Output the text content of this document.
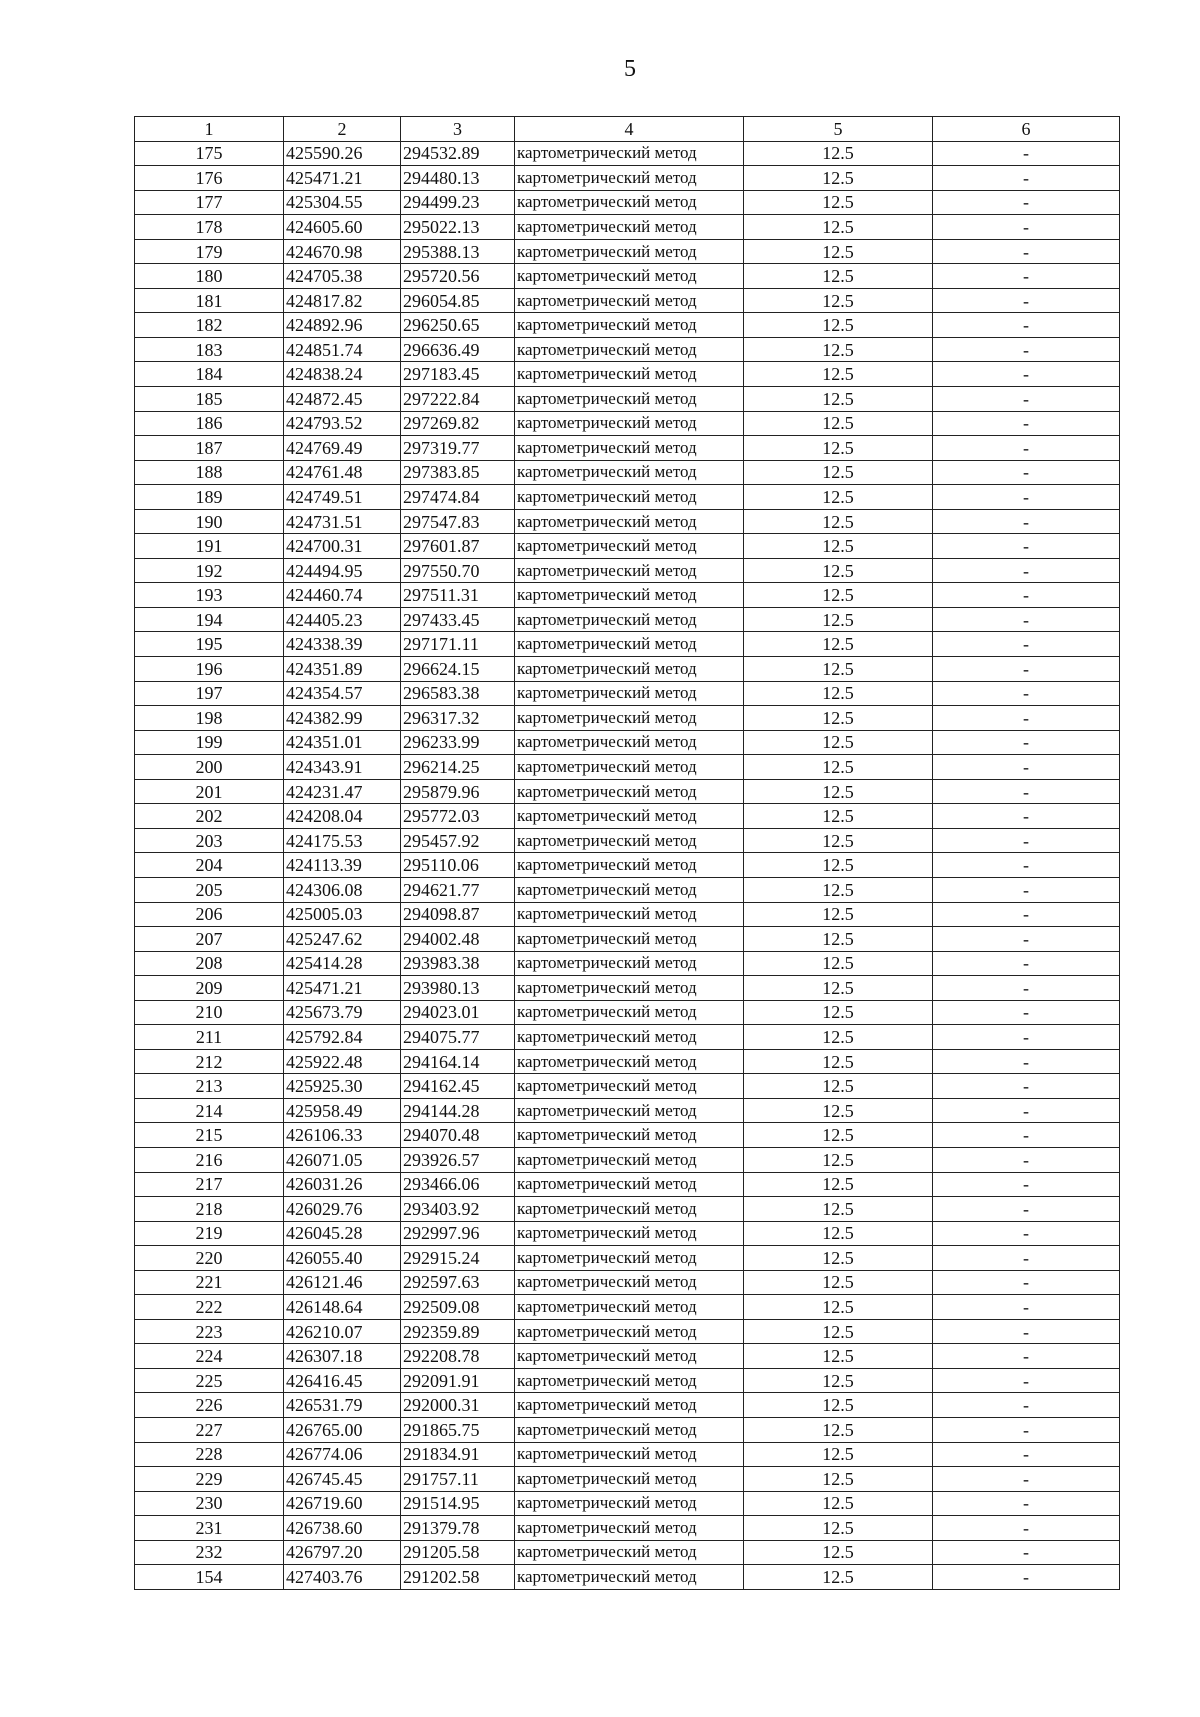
5
1	2	3	4	5	6
175	425590.26	294532.89	картометрический метод	12.5	-
176	425471.21	294480.13	картометрический метод	12.5	-
177	425304.55	294499.23	картометрический метод	12.5	-
178	424605.60	295022.13	картометрический метод	12.5	-
179	424670.98	295388.13	картометрический метод	12.5	-
180	424705.38	295720.56	картометрический метод	12.5	-
181	424817.82	296054.85	картометрический метод	12.5	-
182	424892.96	296250.65	картометрический метод	12.5	-
183	424851.74	296636.49	картометрический метод	12.5	-
184	424838.24	297183.45	картометрический метод	12.5	-
185	424872.45	297222.84	картометрический метод	12.5	-
186	424793.52	297269.82	картометрический метод	12.5	-
187	424769.49	297319.77	картометрический метод	12.5	-
188	424761.48	297383.85	картометрический метод	12.5	-
189	424749.51	297474.84	картометрический метод	12.5	-
190	424731.51	297547.83	картометрический метод	12.5	-
191	424700.31	297601.87	картометрический метод	12.5	-
192	424494.95	297550.70	картометрический метод	12.5	-
193	424460.74	297511.31	картометрический метод	12.5	-
194	424405.23	297433.45	картометрический метод	12.5	-
195	424338.39	297171.11	картометрический метод	12.5	-
196	424351.89	296624.15	картометрический метод	12.5	-
197	424354.57	296583.38	картометрический метод	12.5	-
198	424382.99	296317.32	картометрический метод	12.5	-
199	424351.01	296233.99	картометрический метод	12.5	-
200	424343.91	296214.25	картометрический метод	12.5	-
201	424231.47	295879.96	картометрический метод	12.5	-
202	424208.04	295772.03	картометрический метод	12.5	-
203	424175.53	295457.92	картометрический метод	12.5	-
204	424113.39	295110.06	картометрический метод	12.5	-
205	424306.08	294621.77	картометрический метод	12.5	-
206	425005.03	294098.87	картометрический метод	12.5	-
207	425247.62	294002.48	картометрический метод	12.5	-
208	425414.28	293983.38	картометрический метод	12.5	-
209	425471.21	293980.13	картометрический метод	12.5	-
210	425673.79	294023.01	картометрический метод	12.5	-
211	425792.84	294075.77	картометрический метод	12.5	-
212	425922.48	294164.14	картометрический метод	12.5	-
213	425925.30	294162.45	картометрический метод	12.5	-
214	425958.49	294144.28	картометрический метод	12.5	-
215	426106.33	294070.48	картометрический метод	12.5	-
216	426071.05	293926.57	картометрический метод	12.5	-
217	426031.26	293466.06	картометрический метод	12.5	-
218	426029.76	293403.92	картометрический метод	12.5	-
219	426045.28	292997.96	картометрический метод	12.5	-
220	426055.40	292915.24	картометрический метод	12.5	-
221	426121.46	292597.63	картометрический метод	12.5	-
222	426148.64	292509.08	картометрический метод	12.5	-
223	426210.07	292359.89	картометрический метод	12.5	-
224	426307.18	292208.78	картометрический метод	12.5	-
225	426416.45	292091.91	картометрический метод	12.5	-
226	426531.79	292000.31	картометрический метод	12.5	-
227	426765.00	291865.75	картометрический метод	12.5	-
228	426774.06	291834.91	картометрический метод	12.5	-
229	426745.45	291757.11	картометрический метод	12.5	-
230	426719.60	291514.95	картометрический метод	12.5	-
231	426738.60	291379.78	картометрический метод	12.5	-
232	426797.20	291205.58	картометрический метод	12.5	-
154	427403.76	291202.58	картометрический метод	12.5	-
